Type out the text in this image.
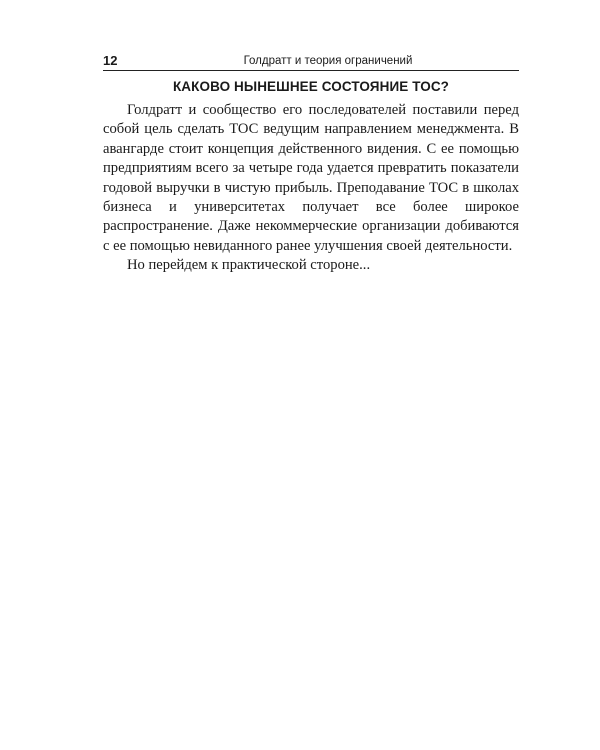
12	Голдратт и теория ограничений
КАКОВО НЫНЕШНЕЕ СОСТОЯНИЕ ТОС?

Голдратт и сообщество его последователей поставили перед собой цель сделать ТОС ведущим направлением менеджмента. В авангарде стоит концепция действенного видения. С ее помощью предприятиям всего за четыре года удается превратить показатели годовой выручки в чистую прибыль. Преподавание ТОС в школах бизнеса и университетах получает все более широкое распространение. Даже некоммерческие организации добиваются с ее помощью невиданного ранее улучшения своей деятельности.

Но перейдем к практической стороне...
